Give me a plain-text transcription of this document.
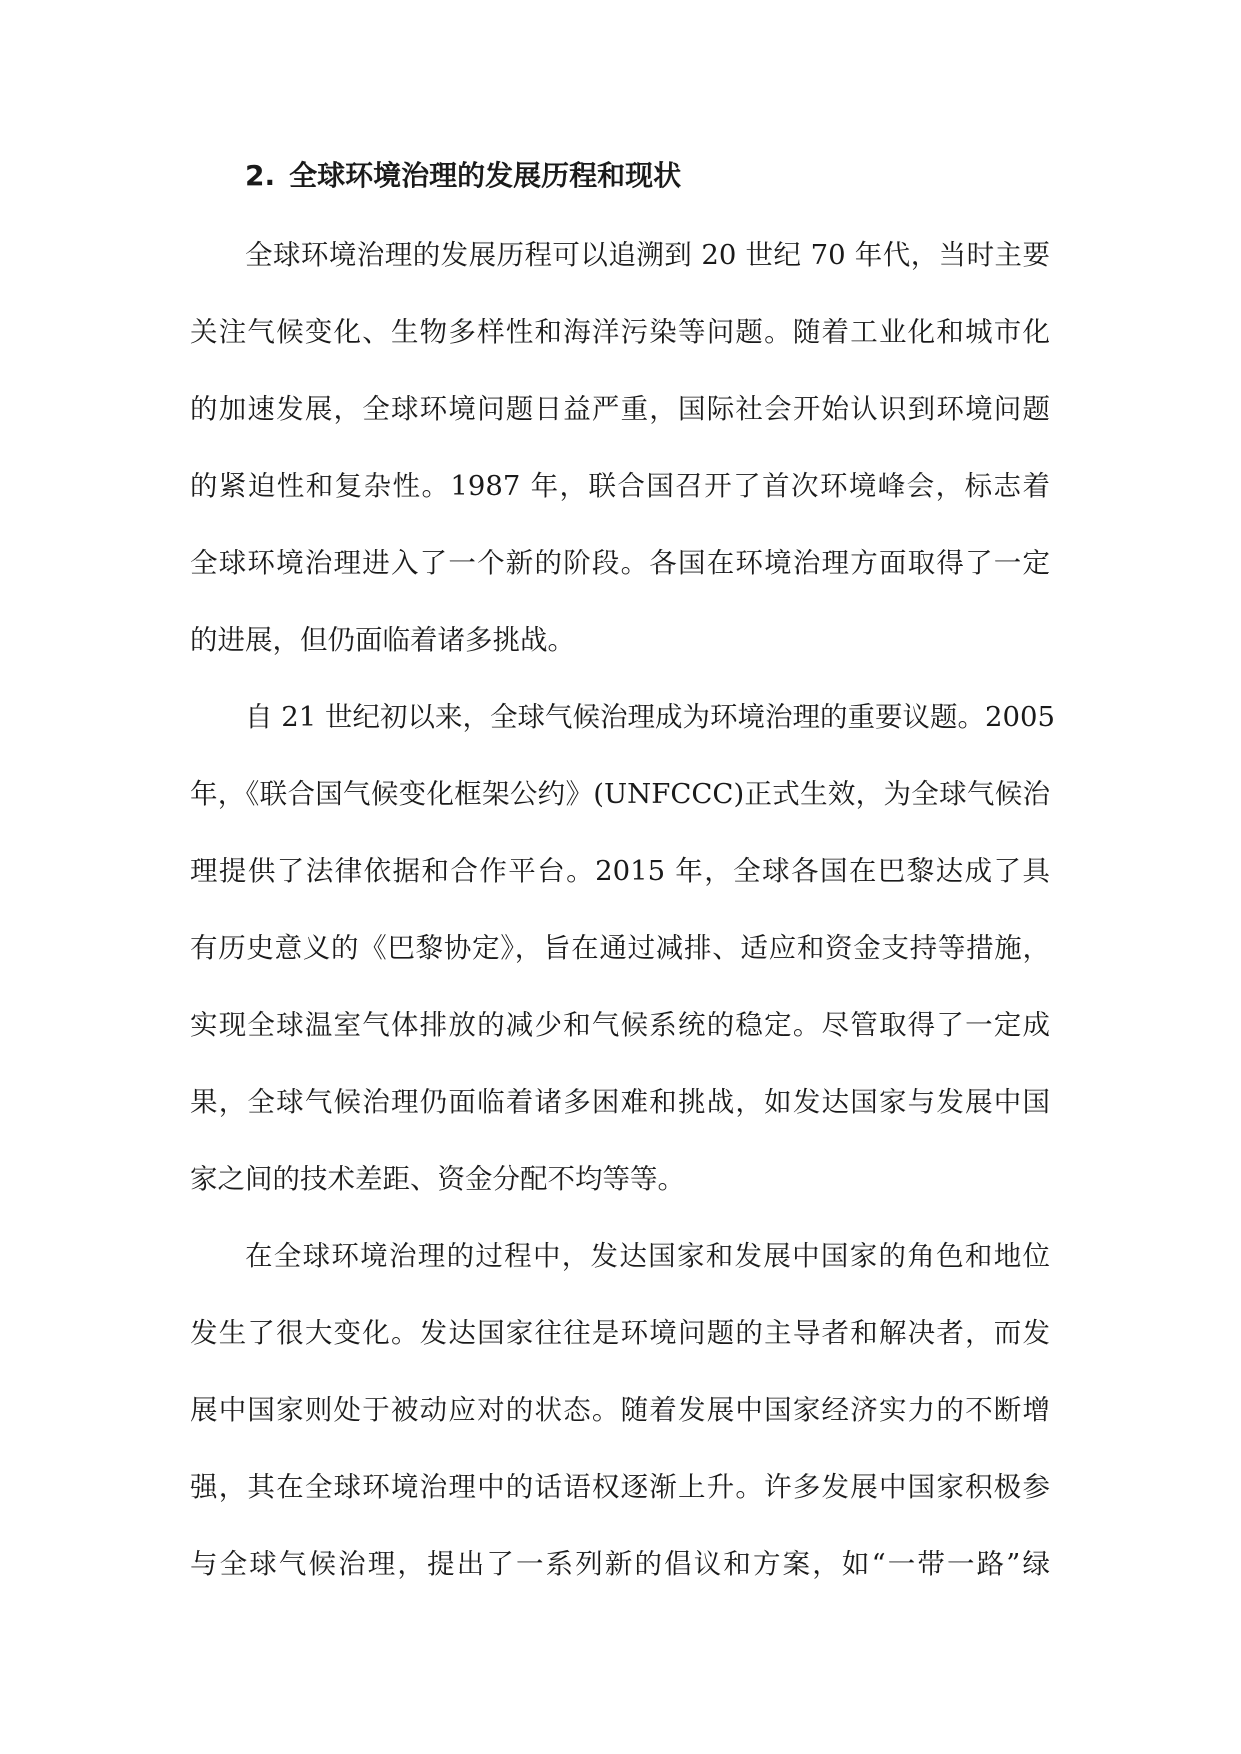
2. 全球环境治理的发展历程和现状

全球环境治理的发展历程可以追溯到 20 世纪 70 年代，当时主要
关注气候变化、生物多样性和海洋污染等问题。随着工业化和城市化
的加速发展，全球环境问题日益严重，国际社会开始认识到环境问题
的紧迫性和复杂性。1987 年，联合国召开了首次环境峰会，标志着
全球环境治理进入了一个新的阶段。各国在环境治理方面取得了一定
的进展，但仍面临着诸多挑战。

自 21 世纪初以来，全球气候治理成为环境治理的重要议题。2005
年，《联合国气候变化框架公约》(UNFCCC)正式生效，为全球气候治
理提供了法律依据和合作平台。2015 年，全球各国在巴黎达成了具
有历史意义的《巴黎协定》，旨在通过减排、适应和资金支持等措施，
实现全球温室气体排放的减少和气候系统的稳定。尽管取得了一定成
果，全球气候治理仍面临着诸多困难和挑战，如发达国家与发展中国
家之间的技术差距、资金分配不均等等。

在全球环境治理的过程中，发达国家和发展中国家的角色和地位
发生了很大变化。发达国家往往是环境问题的主导者和解决者，而发
展中国家则处于被动应对的状态。随着发展中国家经济实力的不断增
强，其在全球环境治理中的话语权逐渐上升。许多发展中国家积极参
与全球气候治理，提出了一系列新的倡议和方案，如“一带一路”绿
